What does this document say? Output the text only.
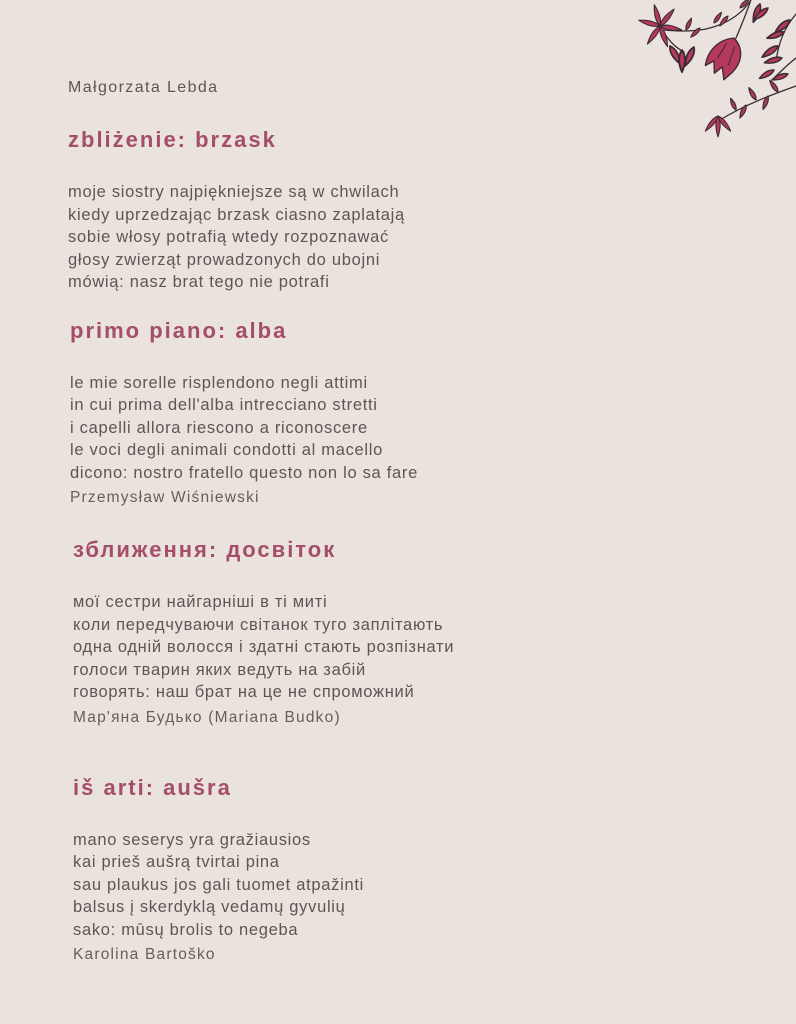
Małgorzata Lebda
zbliżenie: brzask
moje siostry najpiękniejsze są w chwilach
kiedy uprzedzając brzask ciasno zaplatają
sobie włosy potrafią wtedy rozpoznawać
głosy zwierząt prowadzonych do ubojni
mówią: nasz brat tego nie potrafi
primo piano: alba
le mie sorelle risplendono negli attimi
in cui prima dell'alba intrecciano stretti
i capelli allora riescono a riconoscere
le voci degli animali condotti al macello
dicono: nostro fratello questo non lo sa fare
Przemysław Wiśniewski
зближення: досвіток
мої сестри найгарніші в ті миті
коли передчуваючи світанок туго заплітають
одна одній волосся і здатні стають розпізнати
голоси тварин яких ведуть на забій
говорять: наш брат на це не спроможний
Мар'яна Будько (Mariana Budko)
iš arti: aušra
mano seserys yra gražiausios
kai prieš aušrą tvirtai pina
sau plaukus jos gali tuomet atpažinti
balsus į skerdyklą vedamų gyvulių
sako: mūsų brolis to negeba
Karolina Bartoško
